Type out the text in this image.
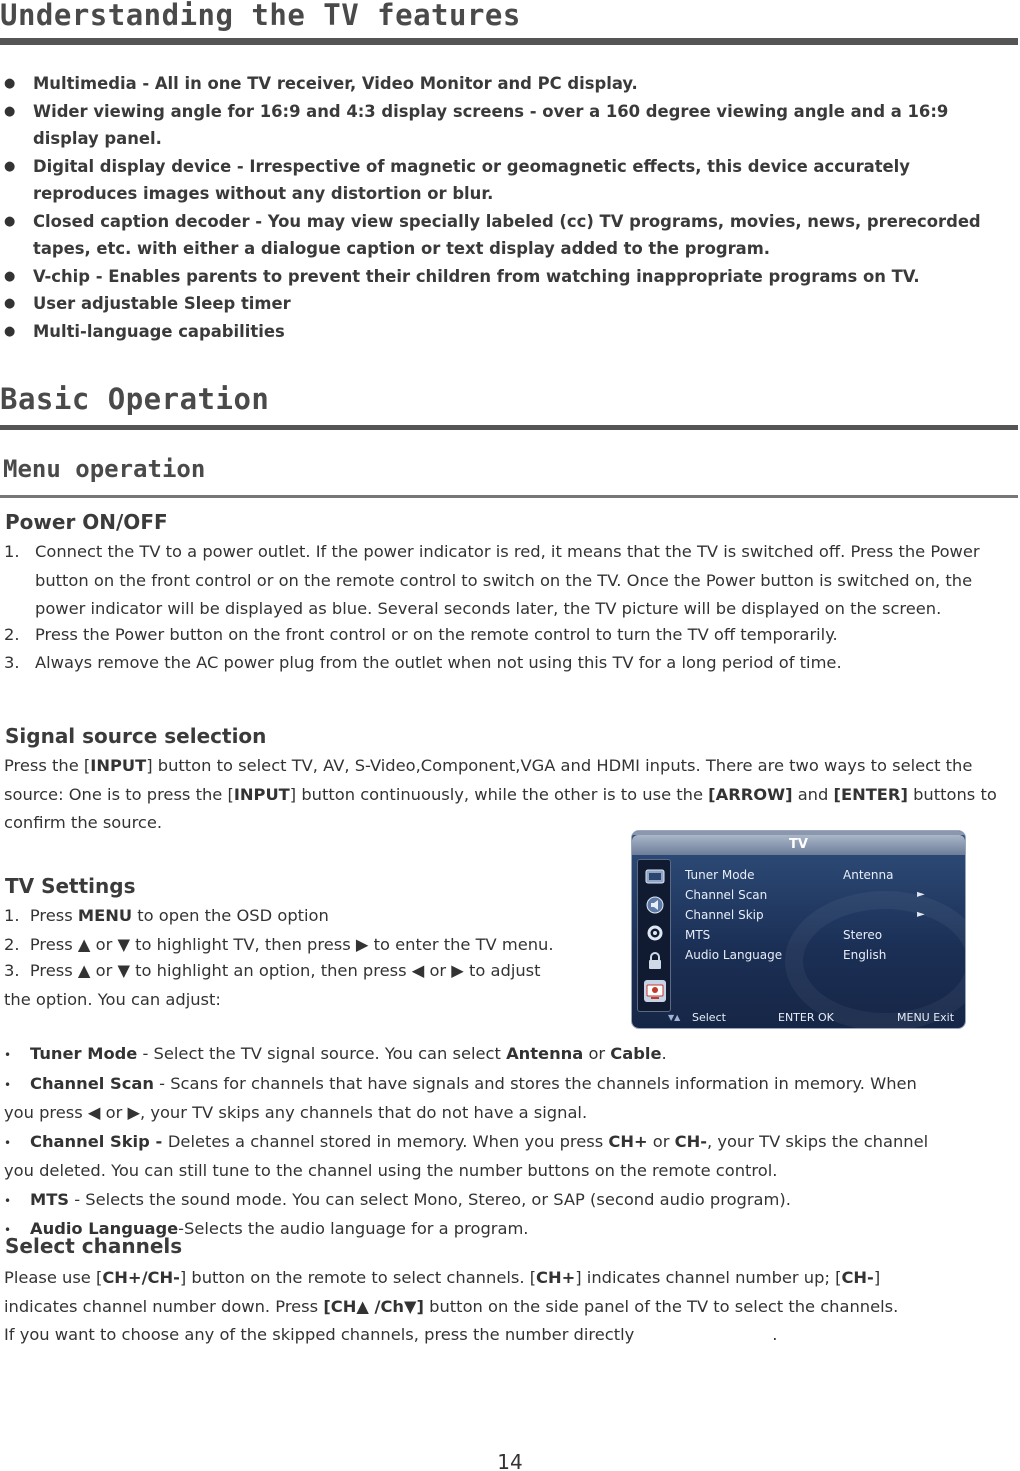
Understanding the TV features
● Multimedia - All in one TV receiver, Video Monitor and PC display.
● Wider viewing angle for 16:9 and 4:3 display screens - over a 160 degree viewing angle and a 16:9 display panel.
● Digital display device - Irrespective of magnetic or geomagnetic effects, this device accurately reproduces images without any distortion or blur.
● Closed caption decoder - You may view specially labeled (cc) TV programs, movies, news, prerecorded tapes, etc. with either a dialogue caption or text display added to the program.
● V-chip - Enables parents to prevent their children from watching inappropriate programs on TV.
● User adjustable Sleep timer
● Multi-language capabilities
Basic Operation
Menu operation
Power ON/OFF
1. Connect the TV to a power outlet. If the power indicator is red, it means that the TV is switched off. Press the Power button on the front control or on the remote control to switch on the TV. Once the Power button is switched on, the power indicator will be displayed as blue. Several seconds later, the TV picture will be displayed on the screen.
2. Press the Power button on the front control or on the remote control to turn the TV off temporarily.
3. Always remove the AC power plug from the outlet when not using this TV for a long period of time.
Signal source selection
Press the [INPUT] button to select TV, AV, S-Video,Component,VGA and HDMI inputs. There are two ways to select the source: One is to press the [INPUT] button continuously, while the other is to use the [ARROW] and [ENTER] buttons to confirm the source.
TV Settings
1.  Press MENU to open the OSD option
2.  Press ▲ or ▼ to highlight TV, then press ▶ to enter the TV menu.
3.  Press ▲ or ▼ to highlight an option, then press ◀ or ▶ to adjust
the option. You can adjust:
TV
Tuner Mode	Antenna
Channel Scan	►
Channel Skip	►
MTS	Stereo
Audio Language	English
▼▲ Select	ENTER OK	MENU Exit
• Tuner Mode - Select the TV signal source. You can select Antenna or Cable.
• Channel Scan - Scans for channels that have signals and stores the channels information in memory. When
you press ◀ or ▶, your TV skips any channels that do not have a signal.
• Channel Skip - Deletes a channel stored in memory. When you press CH+ or CH-, your TV skips the channel
you deleted. You can still tune to the channel using the number buttons on the remote control.
• MTS - Selects the sound mode. You can select Mono, Stereo, or SAP (second audio program).
• Audio Language-Selects the audio language for a program.
Select channels
Please use [CH+/CH-] button on the remote to select channels. [CH+] indicates channel number up; [CH-]
indicates channel number down. Press [CH▲ /Ch▼] button on the side panel of the TV to select the channels.
If you want to choose any of the skipped channels, press the number directly	.
14
